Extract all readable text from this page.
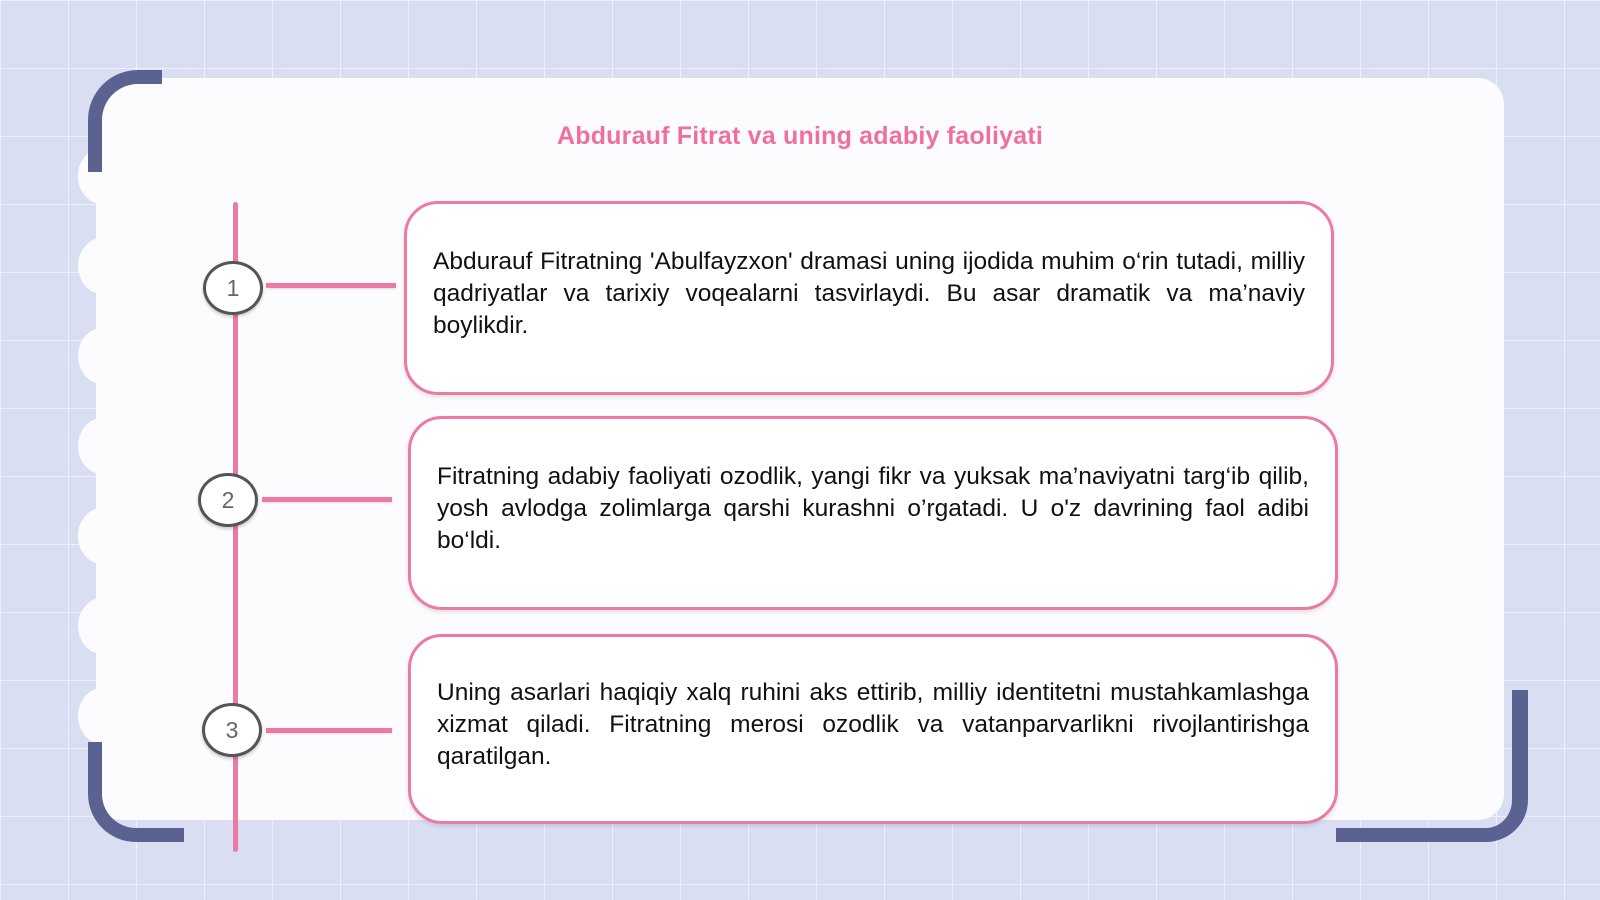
Abdurauf Fitrat va uning adabiy faoliyati
1

Abdurauf Fitratning 'Abulfayzxon' dramasi uning ijodida muhim o‘rin tutadi, milliy qadriyatlar va tarixiy voqealarni tasvirlaydi. Bu asar dramatik va ma’naviy boylikdir.

2

Fitratning adabiy faoliyati ozodlik, yangi fikr va yuksak ma’naviyatni targ‘ib qilib, yosh avlodga zolimlarga qarshi kurashni o’rgatadi. U o'z davrining faol adibi bo‘ldi.

3

Uning asarlari haqiqiy xalq ruhini aks ettirib, milliy identitetni mustahkamlashga xizmat qiladi. Fitratning merosi ozodlik va vatanparvarlikni rivojlantirishga qaratilgan.
